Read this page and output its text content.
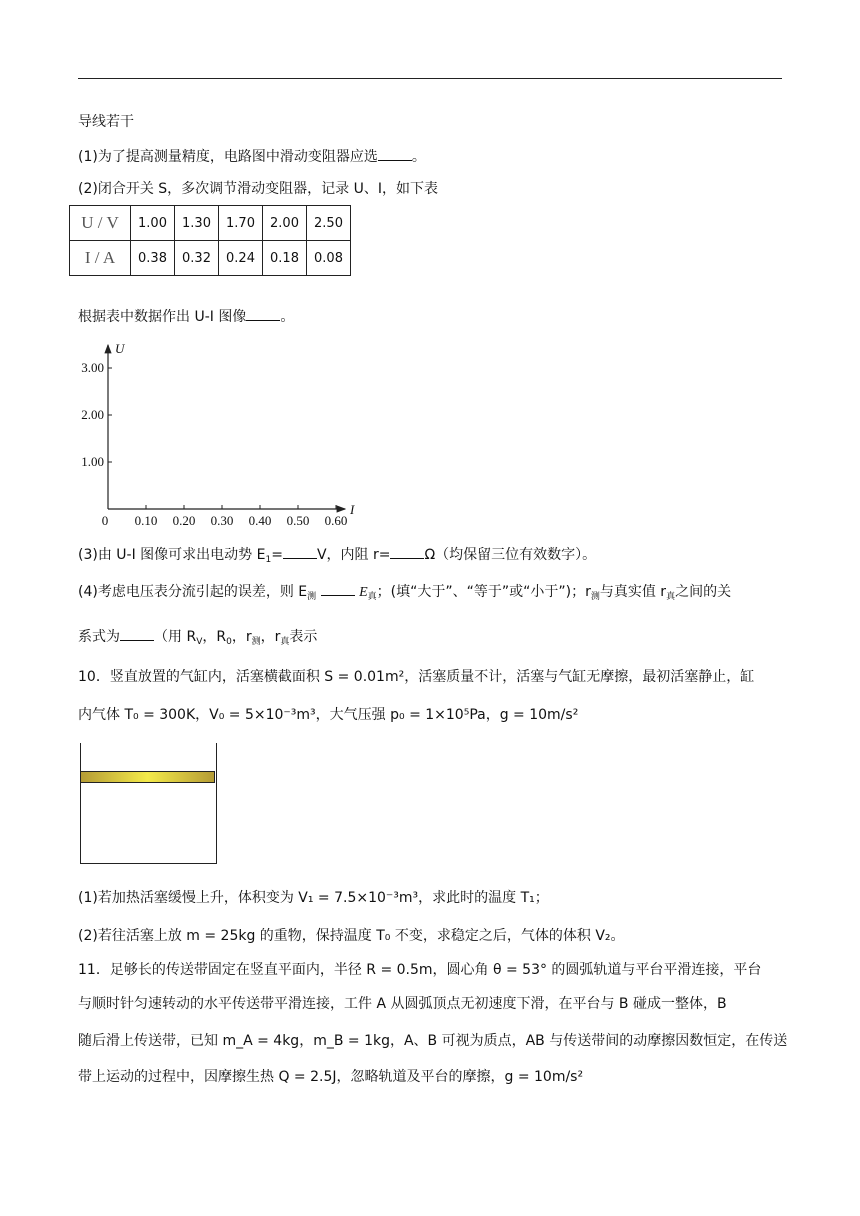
导线若干
(1)为了提高测量精度，电路图中滑动变阻器应选 。
(2)闭合开关 S，多次调节滑动变阻器，记录 U、I，如下表
U / V	1.00	1.30	1.70	2.00	2.50
I / A	0.38	0.32	0.24	0.18	0.08
根据表中数据作出 U-I 图像 。
U
I
0 0.10 0.20 0.30 0.40 0.50 0.60
1.00
2.00
3.00
(3)由 U-I 图像可求出电动势 $E_1= V$，内阻 r= Ω（均保留三位有效数字）。
(4)考虑电压表分流引起的误差，则 $E_测$	$E_真$；(填“大于”、“等于”或“小于”)；$r_测$与真实值 $r_真$之间的关
系式为 （用 $R_V$，$R_0$，$r_测$，$r_真$表示
10．竖直放置的气缸内，活塞横截面积 S = 0.01m²，活塞质量不计，活塞与气缸无摩擦，最初活塞静止，缸
内气体 T₀ = 300K，V₀ = 5×10⁻³m³，大气压强 p₀ = 1×10⁵Pa，g = 10m/s²
(1)若加热活塞缓慢上升，体积变为 V₁ = 7.5×10⁻³m³，求此时的温度 T₁；
(2)若往活塞上放 m = 25kg 的重物，保持温度 T₀ 不变，求稳定之后，气体的体积 V₂。
11．足够长的传送带固定在竖直平面内，半径 R = 0.5m，圆心角 θ = 53° 的圆弧轨道与平台平滑连接，平台
与顺时针匀速转动的水平传送带平滑连接，工件 A 从圆弧顶点无初速度下滑，在平台与 B 碰成一整体，B
随后滑上传送带，已知 m_A = 4kg，m_B = 1kg，A、B 可视为质点，AB 与传送带间的动摩擦因数恒定，在传送
带上运动的过程中，因摩擦生热 Q = 2.5J，忽略轨道及平台的摩擦，g = 10m/s²
